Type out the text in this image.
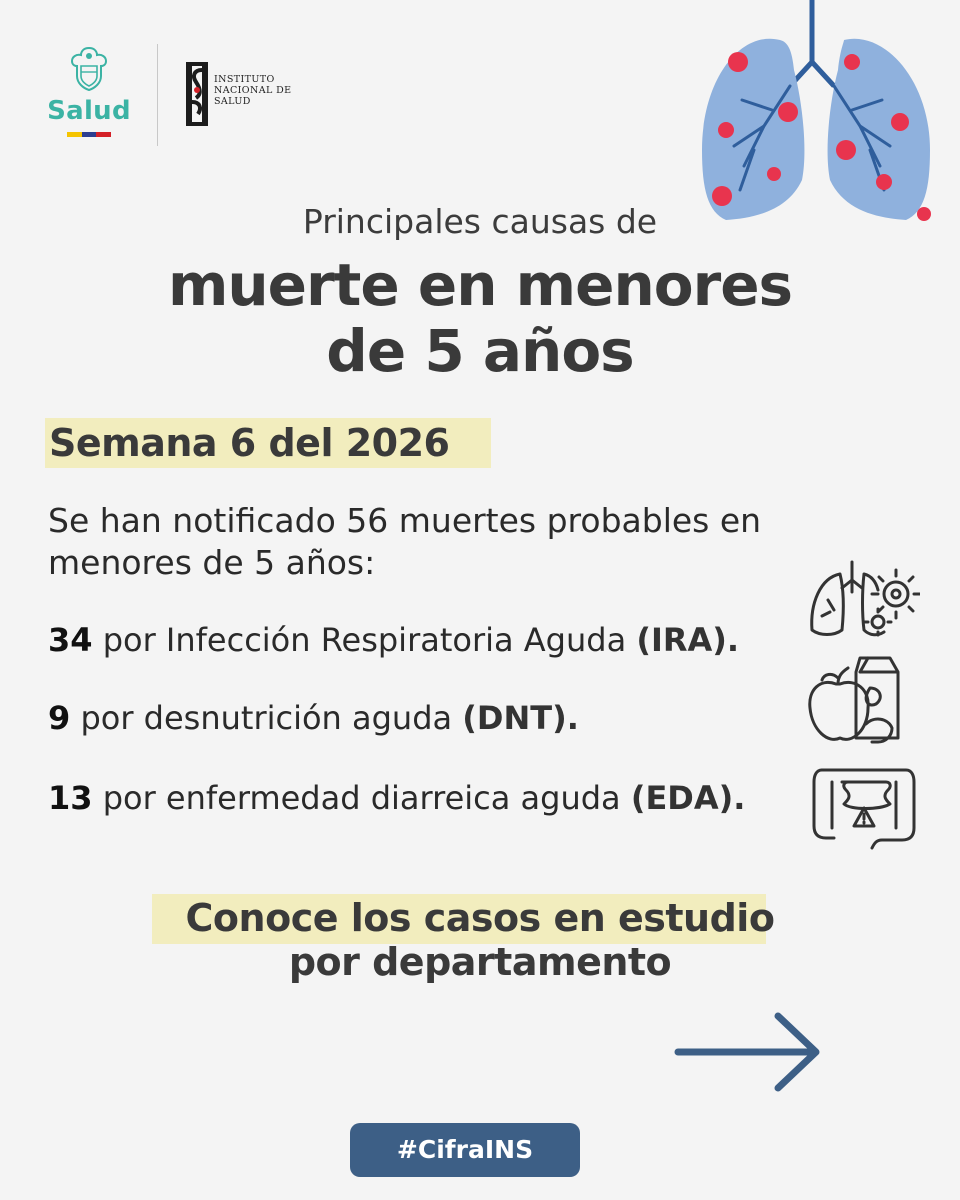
Salud
INSTITUTO
NACIONAL DE
SALUD
Principales causas de
muerte en menores
de 5 años
Semana 6 del 2026
Se han notificado 56 muertes probables en menores de 5 años:
34 por Infección Respiratoria Aguda (IRA).
9 por desnutrición aguda (DNT).
13 por enfermedad diarreica aguda (EDA).
Conoce los casos en estudio
por departamento
#CifraINS
